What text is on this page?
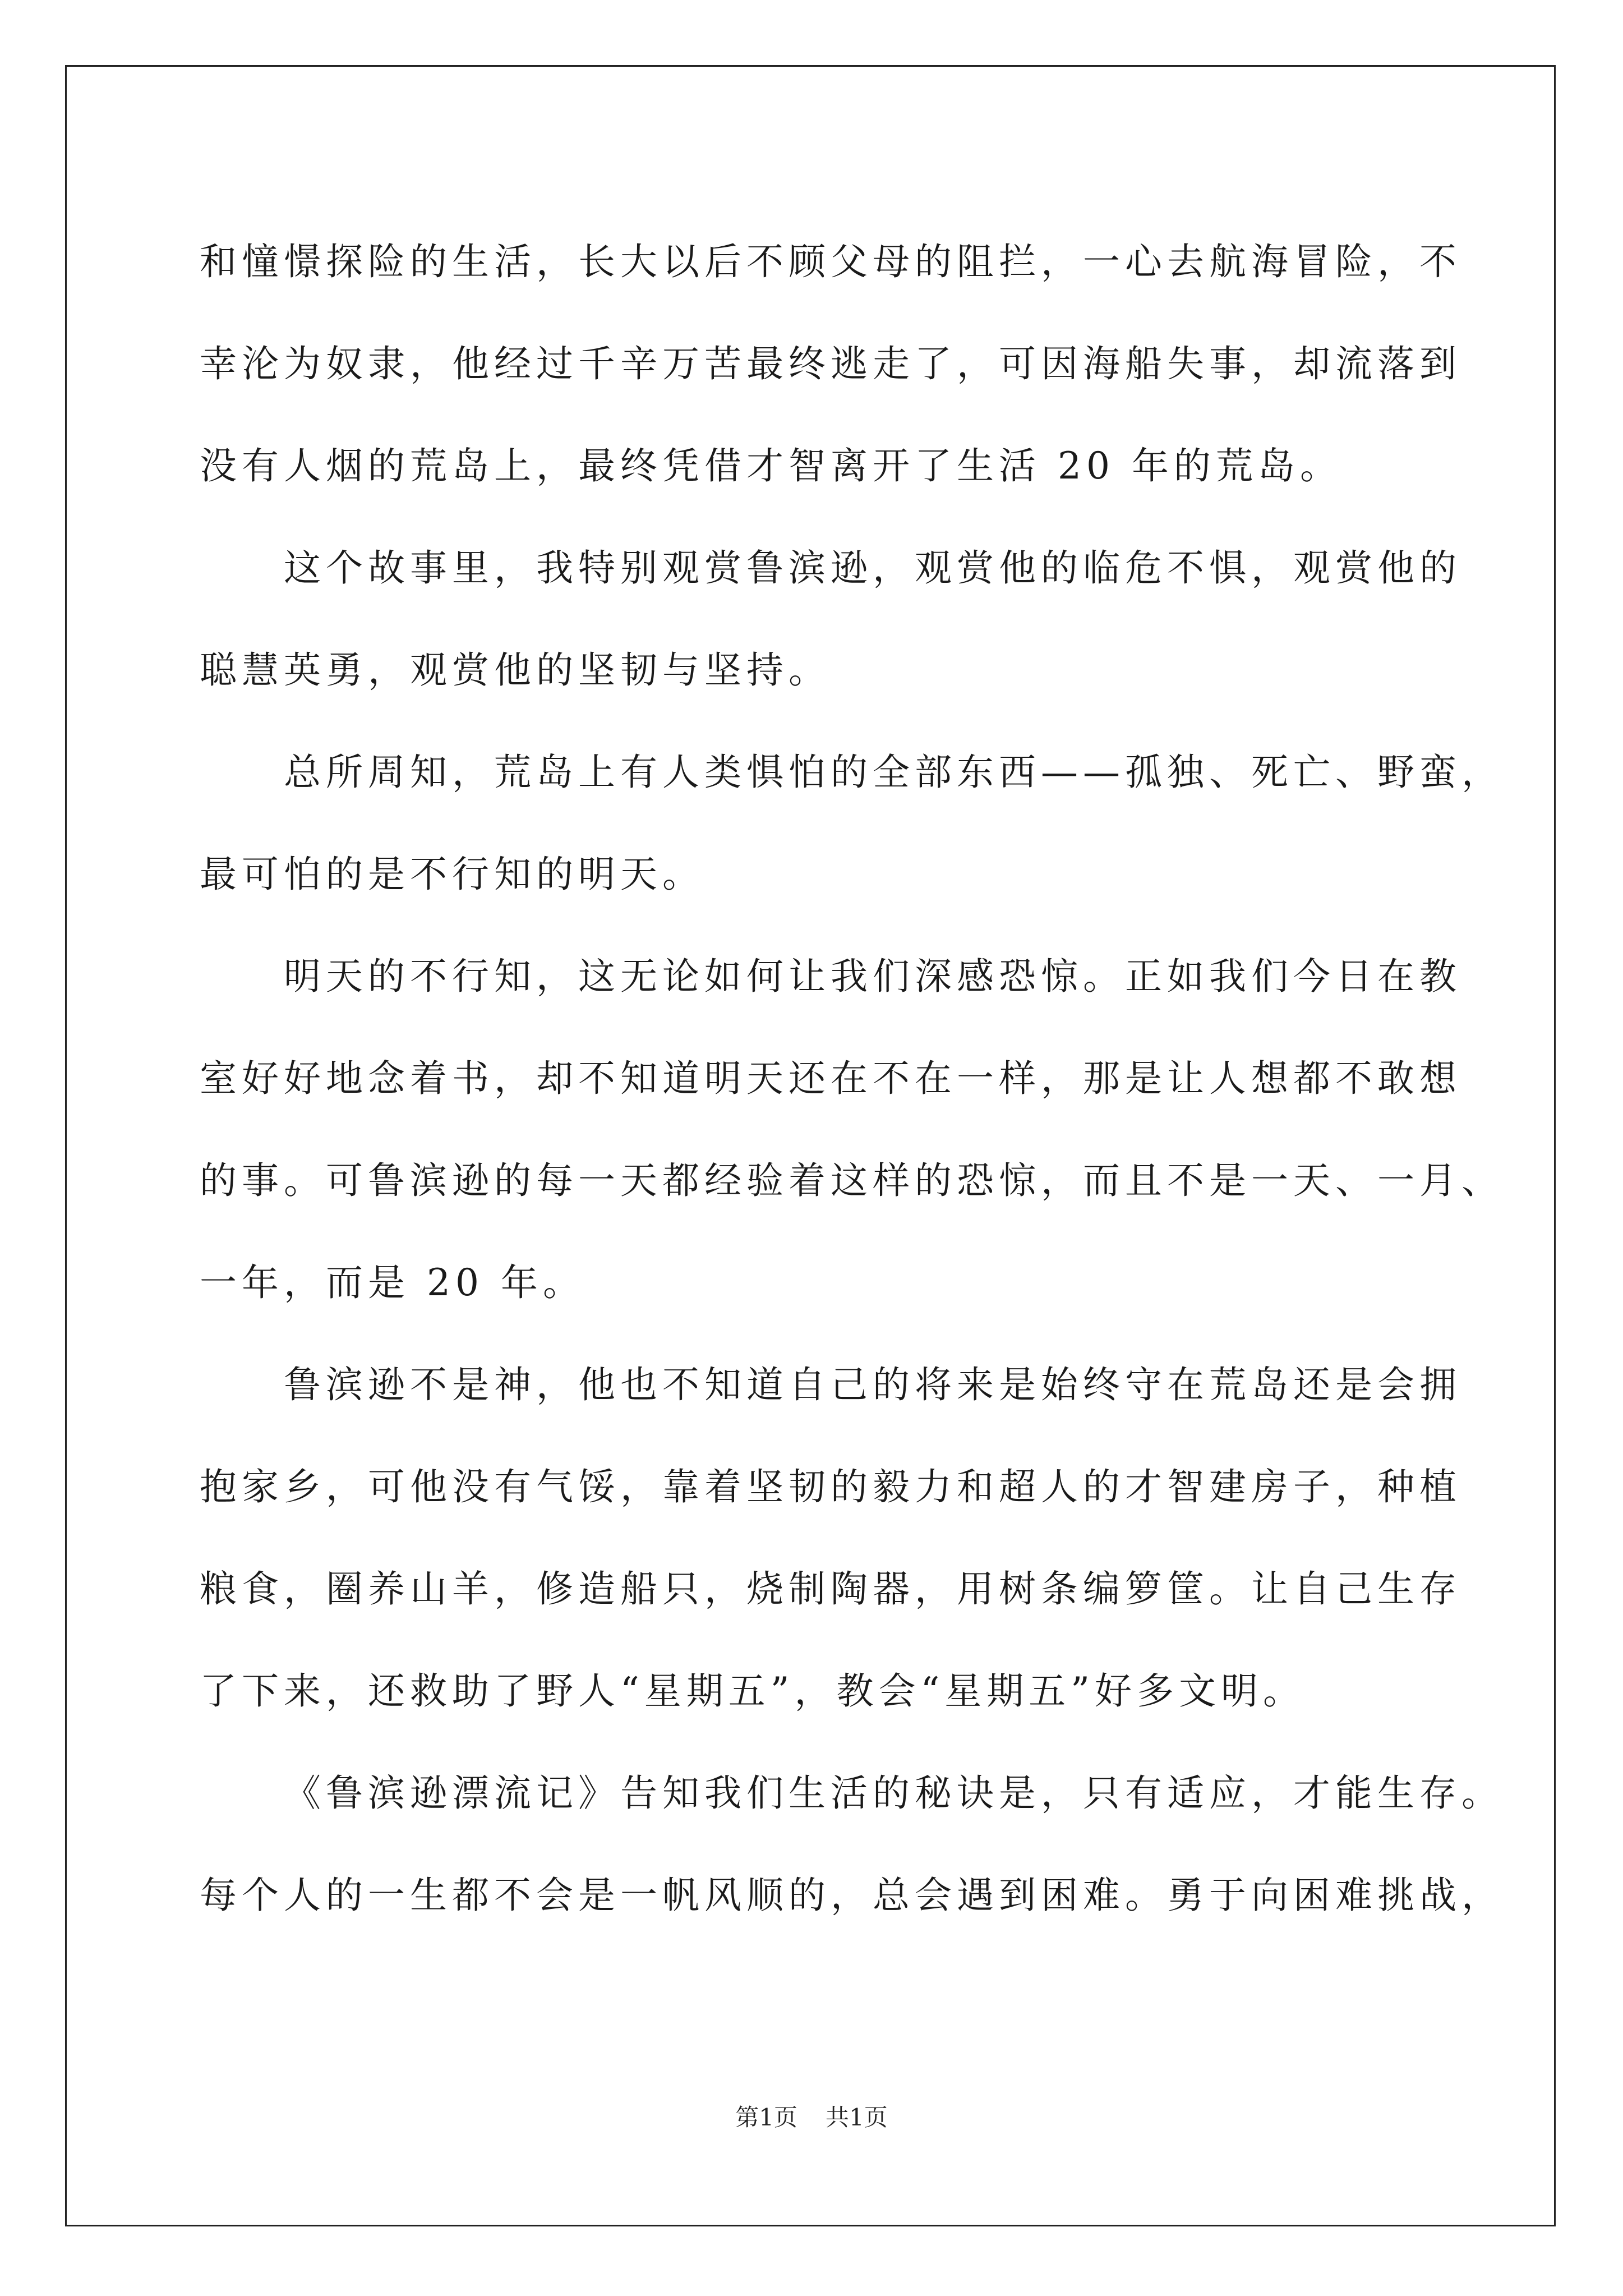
和憧憬探险的生活，长大以后不顾父母的阻拦，一心去航海冒险，不
幸沦为奴隶，他经过千辛万苦最终逃走了，可因海船失事，却流落到
没有人烟的荒岛上，最终凭借才智离开了生活 20 年的荒岛。
这个故事里，我特别观赏鲁滨逊，观赏他的临危不惧，观赏他的
聪慧英勇，观赏他的坚韧与坚持。
总所周知，荒岛上有人类惧怕的全部东西——孤独、死亡、野蛮，
最可怕的是不行知的明天。
明天的不行知，这无论如何让我们深感恐惊。正如我们今日在教
室好好地念着书，却不知道明天还在不在一样，那是让人想都不敢想
的事。可鲁滨逊的每一天都经验着这样的恐惊，而且不是一天、一月、
一年，而是 20 年。
鲁滨逊不是神，他也不知道自己的将来是始终守在荒岛还是会拥
抱家乡，可他没有气馁，靠着坚韧的毅力和超人的才智建房子，种植
粮食，圈养山羊，修造船只，烧制陶器，用树条编箩筐。让自己生存
了下来，还救助了野人“星期五”，教会“星期五”好多文明。
《鲁滨逊漂流记》告知我们生活的秘诀是，只有适应，才能生存。
每个人的一生都不会是一帆风顺的，总会遇到困难。勇于向困难挑战，
第1页 共1页
